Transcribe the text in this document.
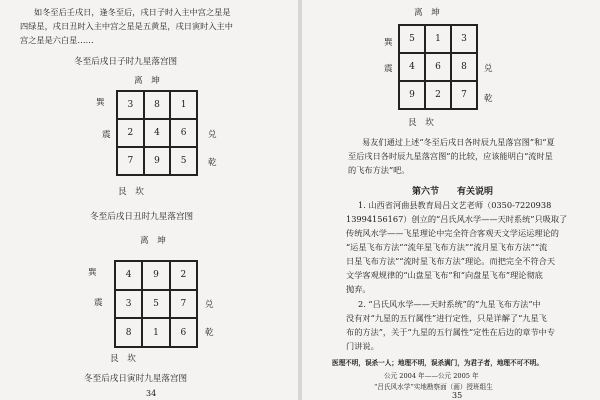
如冬至后壬戌日，逢冬至后，戌日子时入主中宫之星是
四绿星，戌日丑时入主中宫之星是五黄星，戌日寅时入主中
宫之星是六白星……
冬至后戌日子时九星落宫图
离　坤
巽
震	兑
乾
艮　坎
3	8	1
2	4	6
7	9	5
冬至后戌日丑时九星落宫图
离　坤
巽
震	兑
乾
艮　坎
4	9	2
3	5	7
8	1	6
冬至后戌日寅时九星落宫图
34
离　坤
巽
震	兑
乾
艮　坎
5	1	3
4	6	8
9	2	7
易友们通过上述“冬至后戌日各时辰九星落宫图”和“夏
至后戌日各时辰九星落宫图”的比较，应该能明白“流时星
的飞布方法”吧。
第六节　　有关说明
1. 山西省河曲县教育局吕文艺老师（0350-7220938
13994156167）创立的“吕氏风水学——天时系统”只吸取了
传统风水学——飞星理论中完全符合客观天文学运运理论的
“运星飞布方法”“流年星飞布方法”“流月星飞布方法”“流
日星飞布方法”“流时星飞布方法”理论。而把完全不符合天
文学客观规律的“山盘星飞布”和“向盘星飞布”理论彻底
抛弃。
2. “吕氏风水学——天时系统”的“九星飞布方法”中
没有对“九星的五行属性”进行定性，只是详解了“九星飞
布的方法”，关于“九星的五行属性”定性在后边的章节中专
门讲说。
医理不明，误杀一人；地理不明，误杀满门，为君子者，地理不可不明。
公元 2004 年——公元 2005 年
“吕氏风水学”实地勘察面（画）授班组生
35
